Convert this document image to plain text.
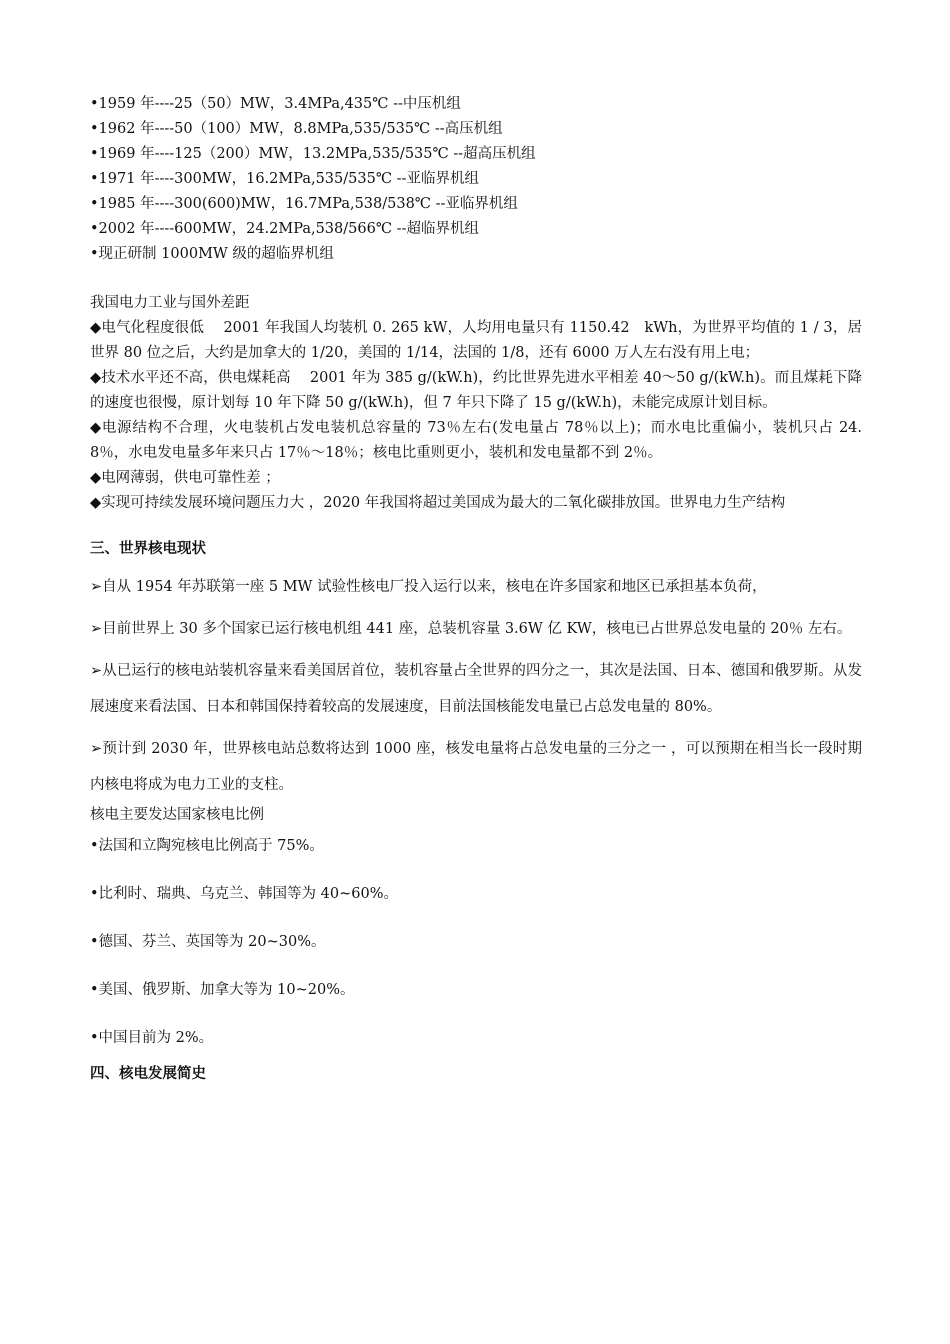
•1959 年----25（50）MW，3.4MPa,435℃ --中压机组
•1962 年----50（100）MW，8.8MPa,535/535℃ --高压机组
•1969 年----125（200）MW，13.2MPa,535/535℃ --超高压机组
•1971 年----300MW，16.2MPa,535/535℃ --亚临界机组
•1985 年----300(600)MW，16.7MPa,538/538℃ --亚临界机组
•2002 年----600MW，24.2MPa,538/566℃ --超临界机组
•现正研制 1000MW 级的超临界机组
我国电力工业与国外差距
◆电气化程度很低　 2001 年我国人均装机 0. 265 kW，人均用电量只有 1150.42　kWh，为世界平均值的 1 / 3，居世界 80 位之后，大约是加拿大的 1/20，美国的 1/14，法国的 1/8，还有 6000 万人左右没有用上电；
◆技术水平还不高，供电煤耗高　 2001 年为 385 g/(kW.h)，约比世界先进水平相差 40～50 g/(kW.h)。而且煤耗下降的速度也很慢，原计划每 10 年下降 50 g/(kW.h)，但 7 年只下降了 15 g/(kW.h)，未能完成原计划目标。
◆电源结构不合理，火电装机占发电装机总容量的 73％左右(发电量占 78％以上)；而水电比重偏小，装机只占 24. 8％，水电发电量多年来只占 17％～18％；核电比重则更小，装机和发电量都不到 2％。
◆电网薄弱，供电可靠性差 ；
◆实现可持续发展环境问题压力大 ，2020 年我国将超过美国成为最大的二氧化碳排放国。世界电力生产结构
三、世界核电现状
➢自从 1954 年苏联第一座 5 MW 试验性核电厂投入运行以来，核电在许多国家和地区已承担基本负荷，
➢目前世界上 30 多个国家已运行核电机组 441 座，总装机容量 3.6W 亿 KW，核电已占世界总发电量的 20％ 左右。
➢从已运行的核电站装机容量来看美国居首位，装机容量占全世界的四分之一，其次是法国、日本、德国和俄罗斯。从发展速度来看法国、日本和韩国保持着较高的发展速度，目前法国核能发电量已占总发电量的 80%。
➢预计到 2030 年，世界核电站总数将达到 1000 座，核发电量将占总发电量的三分之一 ，可以预期在相当长一段时期内核电将成为电力工业的支柱。
核电主要发达国家核电比例
•法国和立陶宛核电比例高于 75%。
•比利时、瑞典、乌克兰、韩国等为 40~60%。
•德国、芬兰、英国等为 20~30%。
•美国、俄罗斯、加拿大等为 10~20%。
•中国目前为 2%。
四、核电发展简史
